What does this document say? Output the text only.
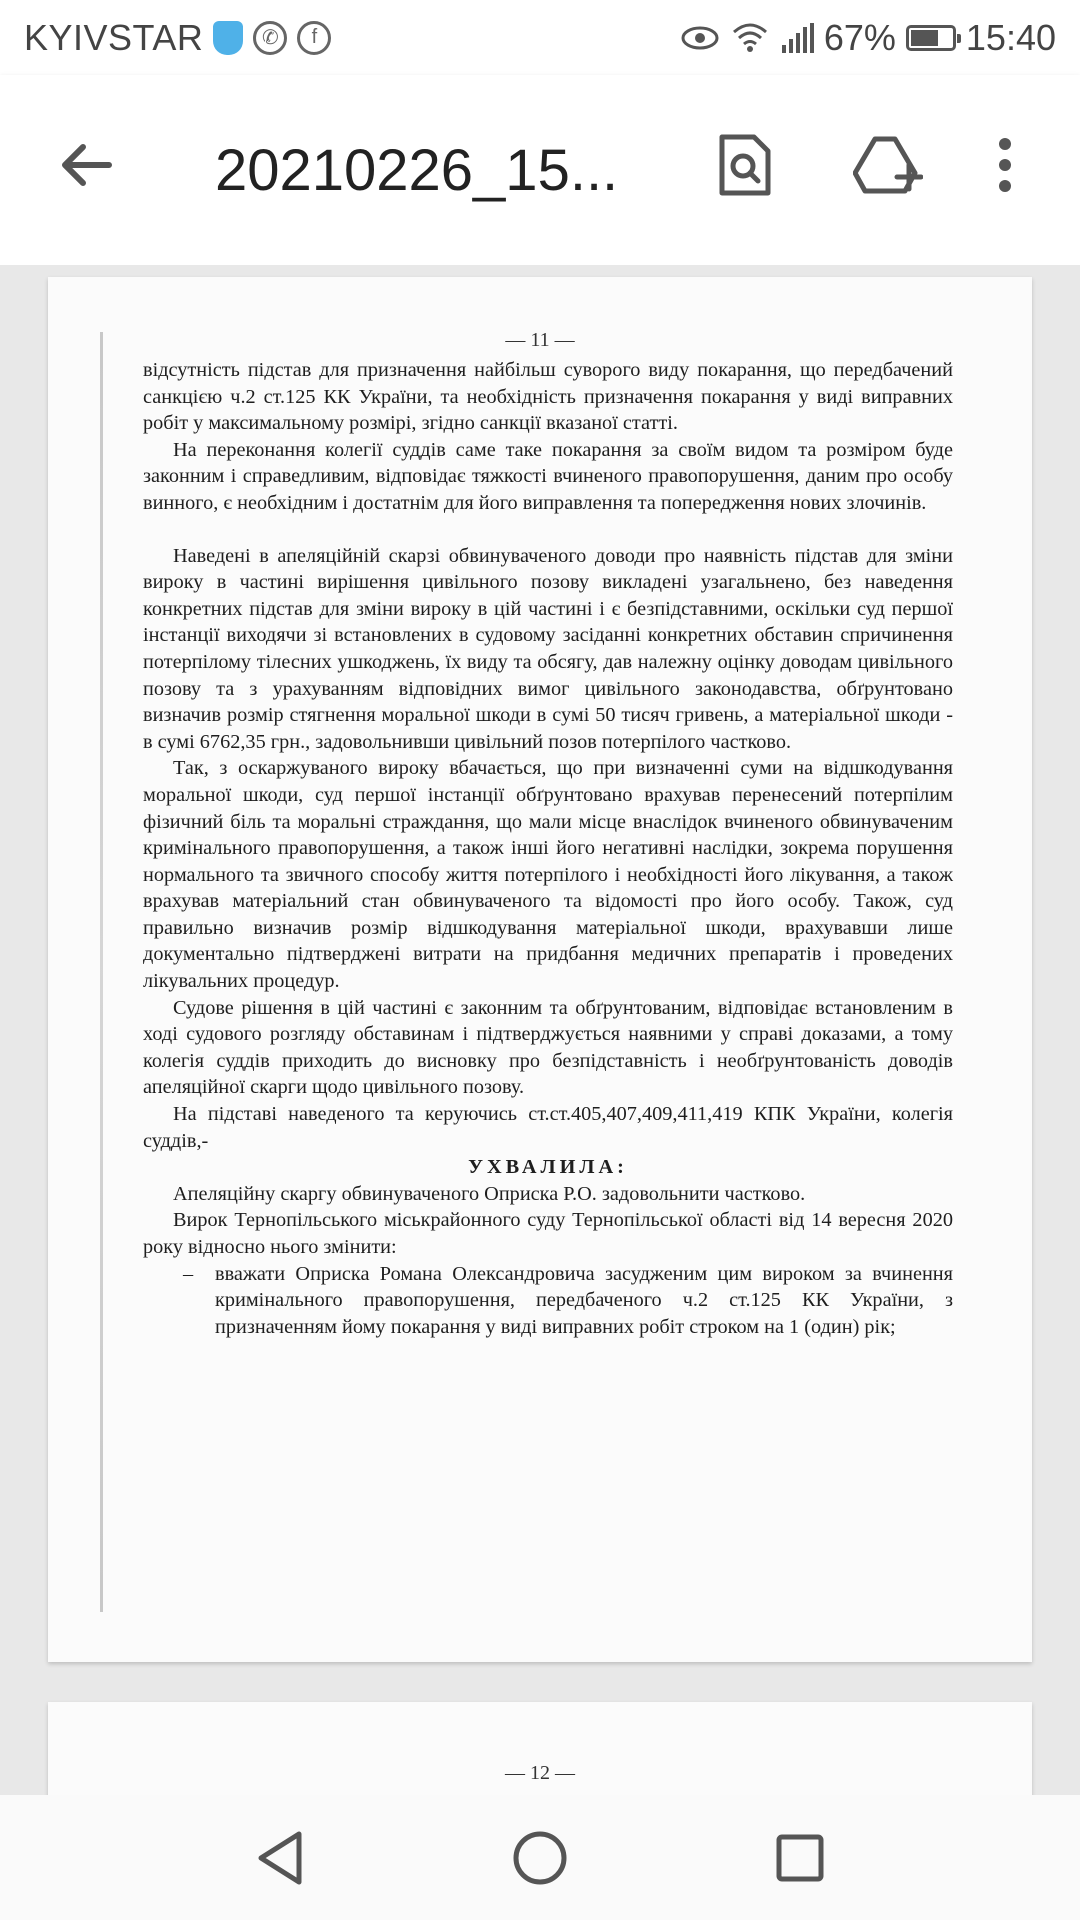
KYIVSTAR	✆	f	67% 15:40
20210226_15...
— 11 —

відсутність підстав для призначення найбільш суворого виду покарання, що передбачений санкцією ч.2 ст.125 КК України, та необхідність призначення покарання у виді виправних робіт у максимальному розмірі, згідно санкції вказаної статті.

На переконання колегії суддів саме таке покарання за своїм видом та розміром буде законним і справедливим, відповідає тяжкості вчиненого правопорушення, даним про особу винного, є необхідним і достатнім для його виправлення та попередження нових злочинів.

Наведені в апеляційній скарзі обвинуваченого доводи про наявність підстав для зміни вироку в частині вирішення цивільного позову викладені узагальнено, без наведення конкретних підстав для зміни вироку в цій частині і є безпідставними, оскільки суд першої інстанції виходячи зі встановлених в судовому засіданні конкретних обставин спричинення потерпілому тілесних ушкоджень, їх виду та обсягу, дав належну оцінку доводам цивільного позову та з урахуванням відповідних вимог цивільного законодавства, обґрунтовано визначив розмір стягнення моральної шкоди в сумі 50 тисяч гривень, а матеріальної шкоди - в сумі 6762,35 грн., задовольнивши цивільний позов потерпілого частково.

Так, з оскаржуваного вироку вбачається, що при визначенні суми на відшкодування моральної шкоди, суд першої інстанції обґрунтовано врахував перенесений потерпілим фізичний біль та моральні страждання, що мали місце внаслідок вчиненого обвинуваченим кримінального правопорушення, а також інші його негативні наслідки, зокрема порушення нормального та звичного способу життя потерпілого і необхідності його лікування, а також врахував матеріальний стан обвинуваченого та відомості про його особу. Також, суд правильно визначив розмір відшкодування матеріальної шкоди, врахувавши лише документально підтверджені витрати на придбання медичних препаратів і проведених лікувальних процедур.

Судове рішення в цій частині є законним та обґрунтованим, відповідає встановленим в ході судового розгляду обставинам і підтверджується наявними у справі доказами, а тому колегія суддів приходить до висновку про безпідставність і необґрунтованість доводів апеляційної скарги щодо цивільного позову.

На підставі наведеного та керуючись ст.ст.405,407,409,411,419 КПК України, колегія суддів,-

УХВАЛИЛА:

Апеляційну скаргу обвинуваченого Оприска Р.О. задовольнити частково.

Вирок Тернопільського міськрайонного суду Тернопільської області від 14 вересня 2020 року відносно нього змінити:

–	вважати Оприска Романа Олександровича засудженим цим вироком за вчинення кримінального правопорушення, передбаченого ч.2 ст.125 КК України, з призначенням йому покарання у виді виправних робіт строком на 1 (один) рік;
— 12 —
